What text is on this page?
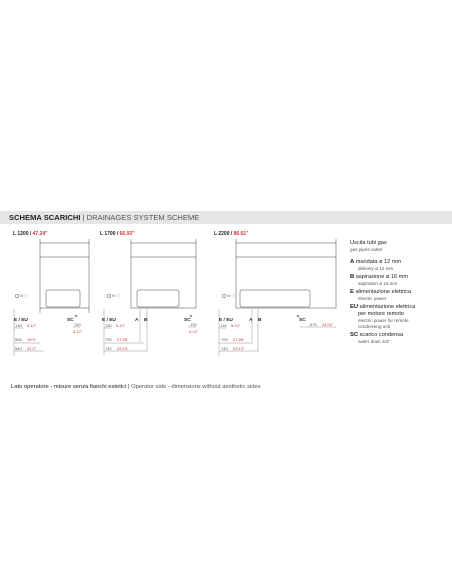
SCHEMA SCARICHI | DRAINAGES SYSTEM SCHEME
L 1200 / 47.24"	L 1700 / 66.93"	L 2200 / 86.61"
W ⓘ	W ⓘ	W ⓘ
E / EU	SC	E / EU	A B	SC	E / EU	A B	SC
130 5.12"
506 19.9"
540 21.2"
130
5.12"
130 5.12"
700 27.56"
740 29.13"
130
5.12"
130 5.12"
700 27.56"
740 29.13"
670 24.02"
Uscita tubi gas
gas pipes outlet
A mandata ø 12 mm
delivery ø 12 mm
B aspirazione ø 16 mm
aspiration ø 16 mm
E alimentazione elettrica
electric power
EU alimentazione elettrica
per motore remoto
electric power for remote
condensing unit
SC scarico condensa
water drain 3/4"
Lato operatore - misure senza fianchi estetici | Operator side - dimensions without aesthetic sides
